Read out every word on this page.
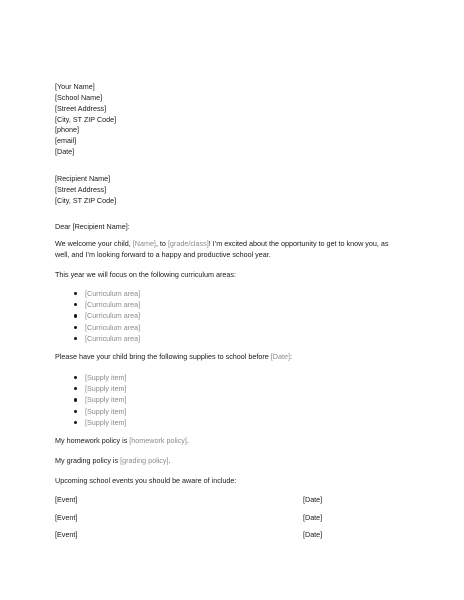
[Your Name]
[School Name]
[Street Address]
[City, ST ZIP Code]
[phone]
[email]
[Date]
[Recipient Name]
[Street Address]
[City, ST ZIP Code]
Dear [Recipient Name]:
We welcome your child, [Name], to [grade/class]! I’m excited about the opportunity to get to know you, as
well, and I’m looking forward to a happy and productive school year.
This year we will focus on the following curriculum areas:
[Curriculum area]
[Curriculum area]
[Curriculum area]
[Curriculum area]
[Curriculum area]
Please have your child bring the following supplies to school before [Date]:
[Supply item]
[Supply item]
[Supply item]
[Supply item]
[Supply item]
My homework policy is [homework policy].
My grading policy is [grading policy].
Upcoming school events you should be aware of include:
[Event]	[Date]
[Event]	[Date]
[Event]	[Date]
